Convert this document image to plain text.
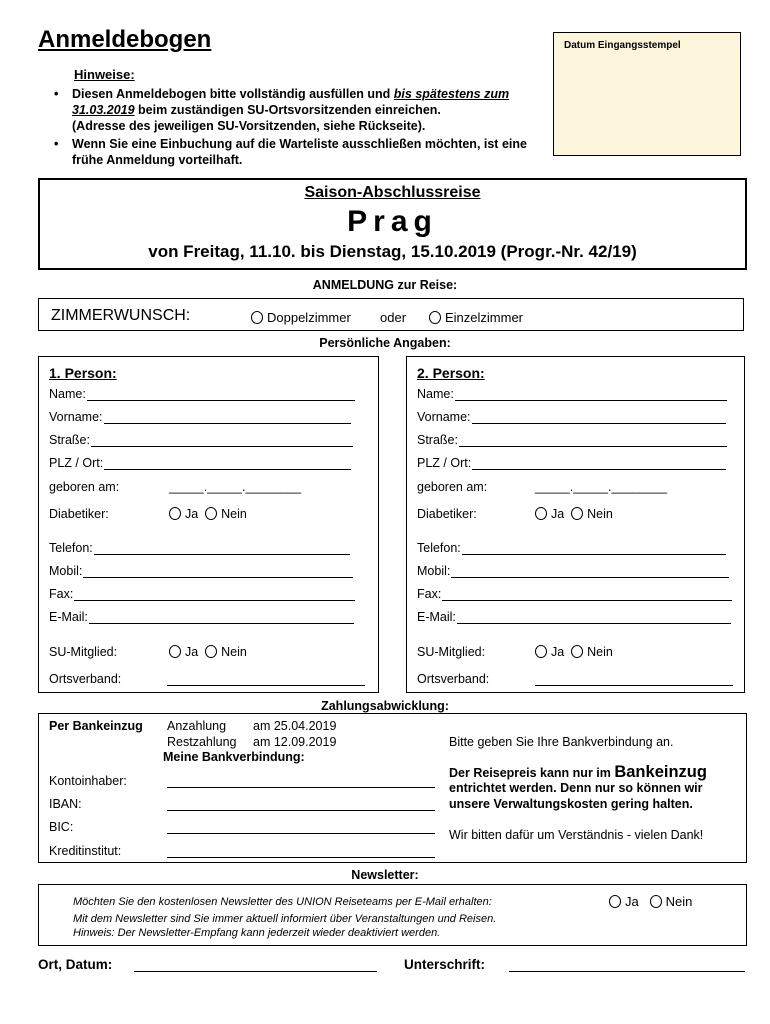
Anmeldebogen	Datum Eingangsstempel
Hinweise:
• Diesen Anmeldebogen bitte vollständig ausfüllen und bis spätestens zum 31.03.2019 beim zuständigen SU-Ortsvorsitzenden einreichen.
(Adresse des jeweiligen SU-Vorsitzenden, siehe Rückseite).
• Wenn Sie eine Einbuchung auf die Warteliste ausschließen möchten, ist eine frühe Anmeldung vorteilhaft.
Saison-Abschlussreise
Prag
von Freitag, 11.10. bis Dienstag, 15.10.2019 (Progr.-Nr. 42/19)
ANMELDUNG zur Reise:
ZIMMERWUNSCH:	Doppelzimmer oder	Einzelzimmer
Persönliche Angaben:
1. Person:
Name:
Vorname:
Straße:
PLZ / Ort:
geboren am:	_____._____.________
Diabetiker:	Ja Nein
Telefon:
Mobil:
Fax:
E-Mail:
SU-Mitglied:	Ja Nein
Ortsverband:
2. Person:
Name:
Vorname:
Straße:
PLZ / Ort:
geboren am:	_____._____.________
Diabetiker:	Ja Nein
Telefon:
Mobil:
Fax:
E-Mail:
SU-Mitglied:	Ja Nein
Ortsverband:
Zahlungsabwicklung:
Per Bankeinzug Anzahlung am 25.04.2019
Restzahlung am 12.09.2019
Meine Bankverbindung:
Kontoinhaber:
IBAN:
BIC:
Kreditinstitut:
Bitte geben Sie Ihre Bankverbindung an.
Der Reisepreis kann nur im Bankeinzug
entrichtet werden. Denn nur so können wir
unsere Verwaltungskosten gering halten.
Wir bitten dafür um Verständnis - vielen Dank!
Newsletter:
Möchten Sie den kostenlosen Newsletter des UNION Reiseteams per E-Mail erhalten:	Ja Nein
Mit dem Newsletter sind Sie immer aktuell informiert über Veranstaltungen und Reisen.
Hinweis: Der Newsletter-Empfang kann jederzeit wieder deaktiviert werden.
Ort, Datum:	Unterschrift:
